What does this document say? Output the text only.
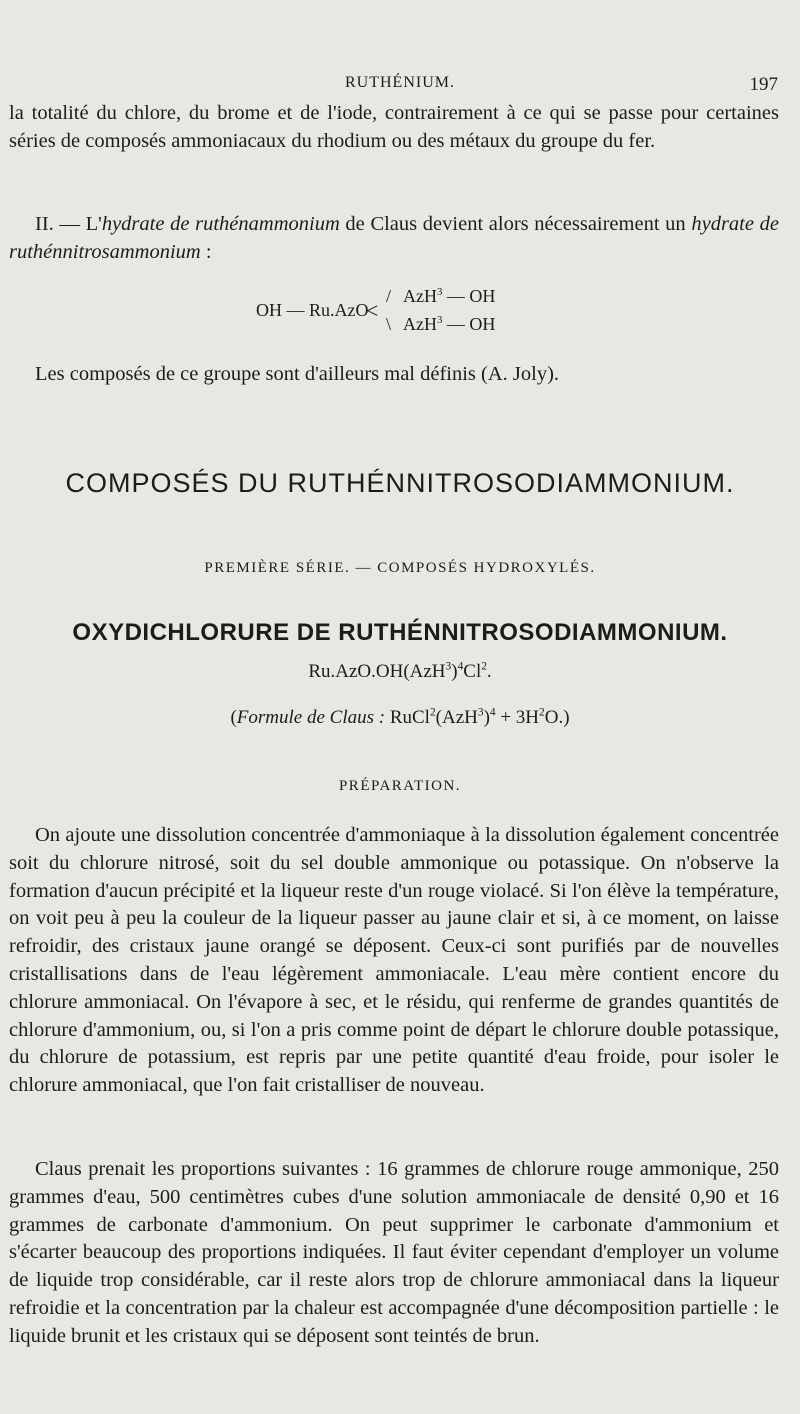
RUTHÉNIUM.	197

la totalité du chlore, du brome et de l'iode, contrairement à ce qui se passe pour certaines séries de composés ammoniacaux du rhodium ou des métaux du groupe du fer.

II. — L'hydrate de ruthénammonium de Claus devient alors nécessairement un hydrate de ruthénnitrosammonium :

OH — Ru.AzO
<
/
\
AzH$^3$ — OH
AzH$^3$ — OH

Les composés de ce groupe sont d'ailleurs mal définis (A. Joly).

COMPOSÉS DU RUTHÉNNITROSODIAMMONIUM.
PREMIÈRE SÉRIE. — COMPOSÉS HYDROXYLÉS.
OXYDICHLORURE DE RUTHÉNNITROSODIAMMONIUM.
$Ru.AzO.OH(AzH^3)^4Cl^2$.
(Formule de Claus : $RuCl^2(AzH^3)^4 + 3H^2O$.)
PRÉPARATION.

On ajoute une dissolution concentrée d'ammoniaque à la dissolution également concentrée soit du chlorure nitrosé, soit du sel double ammonique ou potassique. On n'observe la formation d'aucun précipité et la liqueur reste d'un rouge violacé. Si l'on élève la température, on voit peu à peu la couleur de la liqueur passer au jaune clair et si, à ce moment, on laisse refroidir, des cristaux jaune orangé se déposent. Ceux-ci sont purifiés par de nouvelles cristallisations dans de l'eau légèrement ammoniacale. L'eau mère contient encore du chlorure ammoniacal. On l'évapore à sec, et le résidu, qui renferme de grandes quantités de chlorure d'ammonium, ou, si l'on a pris comme point de départ le chlorure double potassique, du chlorure de potassium, est repris par une petite quantité d'eau froide, pour isoler le chlorure ammoniacal, que l'on fait cristalliser de nouveau.

Claus prenait les proportions suivantes : 16 grammes de chlorure rouge ammonique, 250 grammes d'eau, 500 centimètres cubes d'une solution ammoniacale de densité 0,90 et 16 grammes de carbonate d'ammonium. On peut supprimer le carbonate d'ammonium et s'écarter beaucoup des proportions indiquées. Il faut éviter cependant d'employer un volume de liquide trop considérable, car il reste alors trop de chlorure ammoniacal dans la liqueur refroidie et la concentration par la chaleur est accompagnée d'une décomposition partielle : le liquide brunit et les cristaux qui se déposent sont teintés de brun.
